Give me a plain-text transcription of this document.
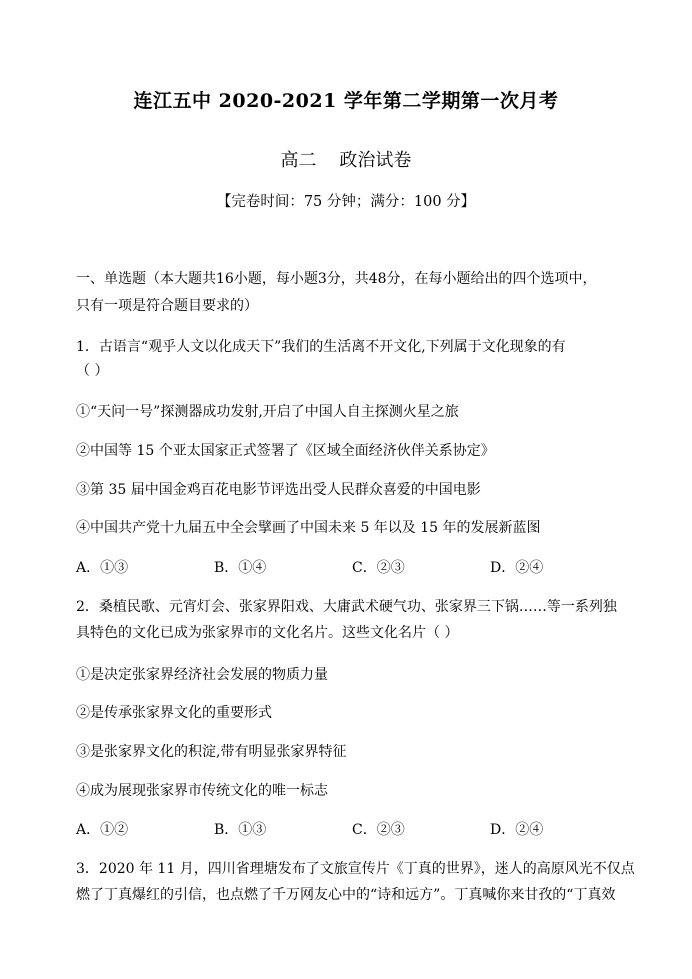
连江五中 2020-2021 学年第二学期第一次月考
高二    政治试卷
【完卷时间：75 分钟；满分：100 分】
一、单选题（本大题共16小题，每小题3分，共48分，在每小题给出的四个选项中，
只有一项是符合题目要求的）
1．古语言“观乎人文以化成天下”我们的生活离不开文化,下列属于文化现象的有
（ ）
①“天问一号”探测器成功发射,开启了中国人自主探测火星之旅
②中国等 15 个亚太国家正式签署了《区域全面经济伙伴关系协定》
③第 35 届中国金鸡百花电影节评选出受人民群众喜爱的中国电影
④中国共产党十九届五中全会擘画了中国未来 5 年以及 15 年的发展新蓝图
A．①③	B．①④	C．②③	D．②④
2．桑植民歌、元宵灯会、张家界阳戏、大庸武术硬气功、张家界三下锅……等一系列独
具特色的文化已成为张家界市的文化名片。这些文化名片（ ）
①是决定张家界经济社会发展的物质力量
②是传承张家界文化的重要形式
③是张家界文化的积淀,带有明显张家界特征
④成为展现张家界市传统文化的唯一标志
A．①②	B．①③	C．②③	D．②④
3．2020 年 11 月，四川省理塘发布了文旅宣传片《丁真的世界》，迷人的高原风光不仅点
燃了丁真爆红的引信，也点燃了千万网友心中的“诗和远方”。丁真喊你来甘孜的“丁真效
